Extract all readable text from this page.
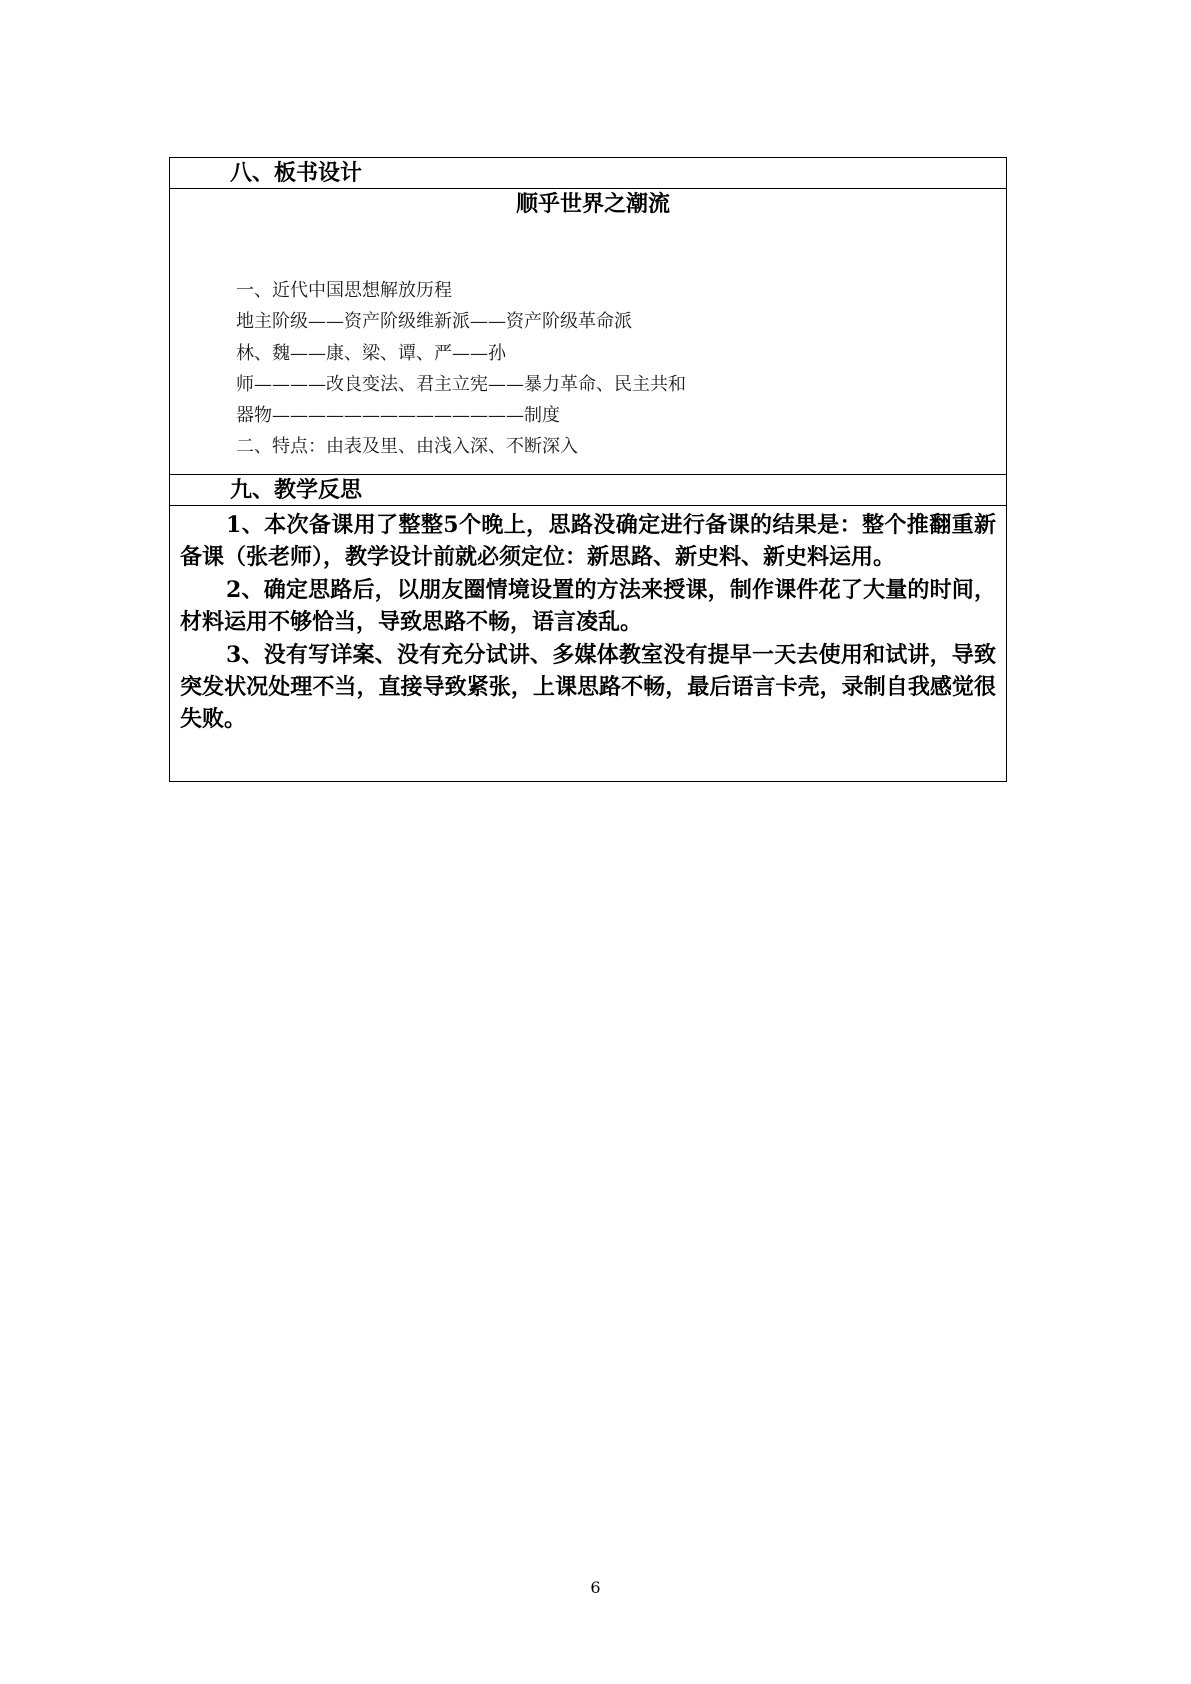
八、板书设计

顺乎世界之潮流
一、近代中国思想解放历程
地主阶级——资产阶级维新派——资产阶级革命派
林、魏——康、梁、谭、严——孙
师————改良变法、君主立宪——暴力革命、民主共和
器物——————————————制度
二、特点：由表及里、由浅入深、不断深入

九、教学反思

1、本次备课用了整整5个晚上，思路没确定进行备课的结果是：整个推翻重新备课（张老师），教学设计前就必须定位：新思路、新史料、新史料运用。

2、确定思路后，以朋友圈情境设置的方法来授课，制作课件花了大量的时间，材料运用不够恰当，导致思路不畅，语言凌乱。

3、没有写详案、没有充分试讲、多媒体教室没有提早一天去使用和试讲，导致突发状况处理不当，直接导致紧张，上课思路不畅，最后语言卡壳，录制自我感觉很失败。

6
